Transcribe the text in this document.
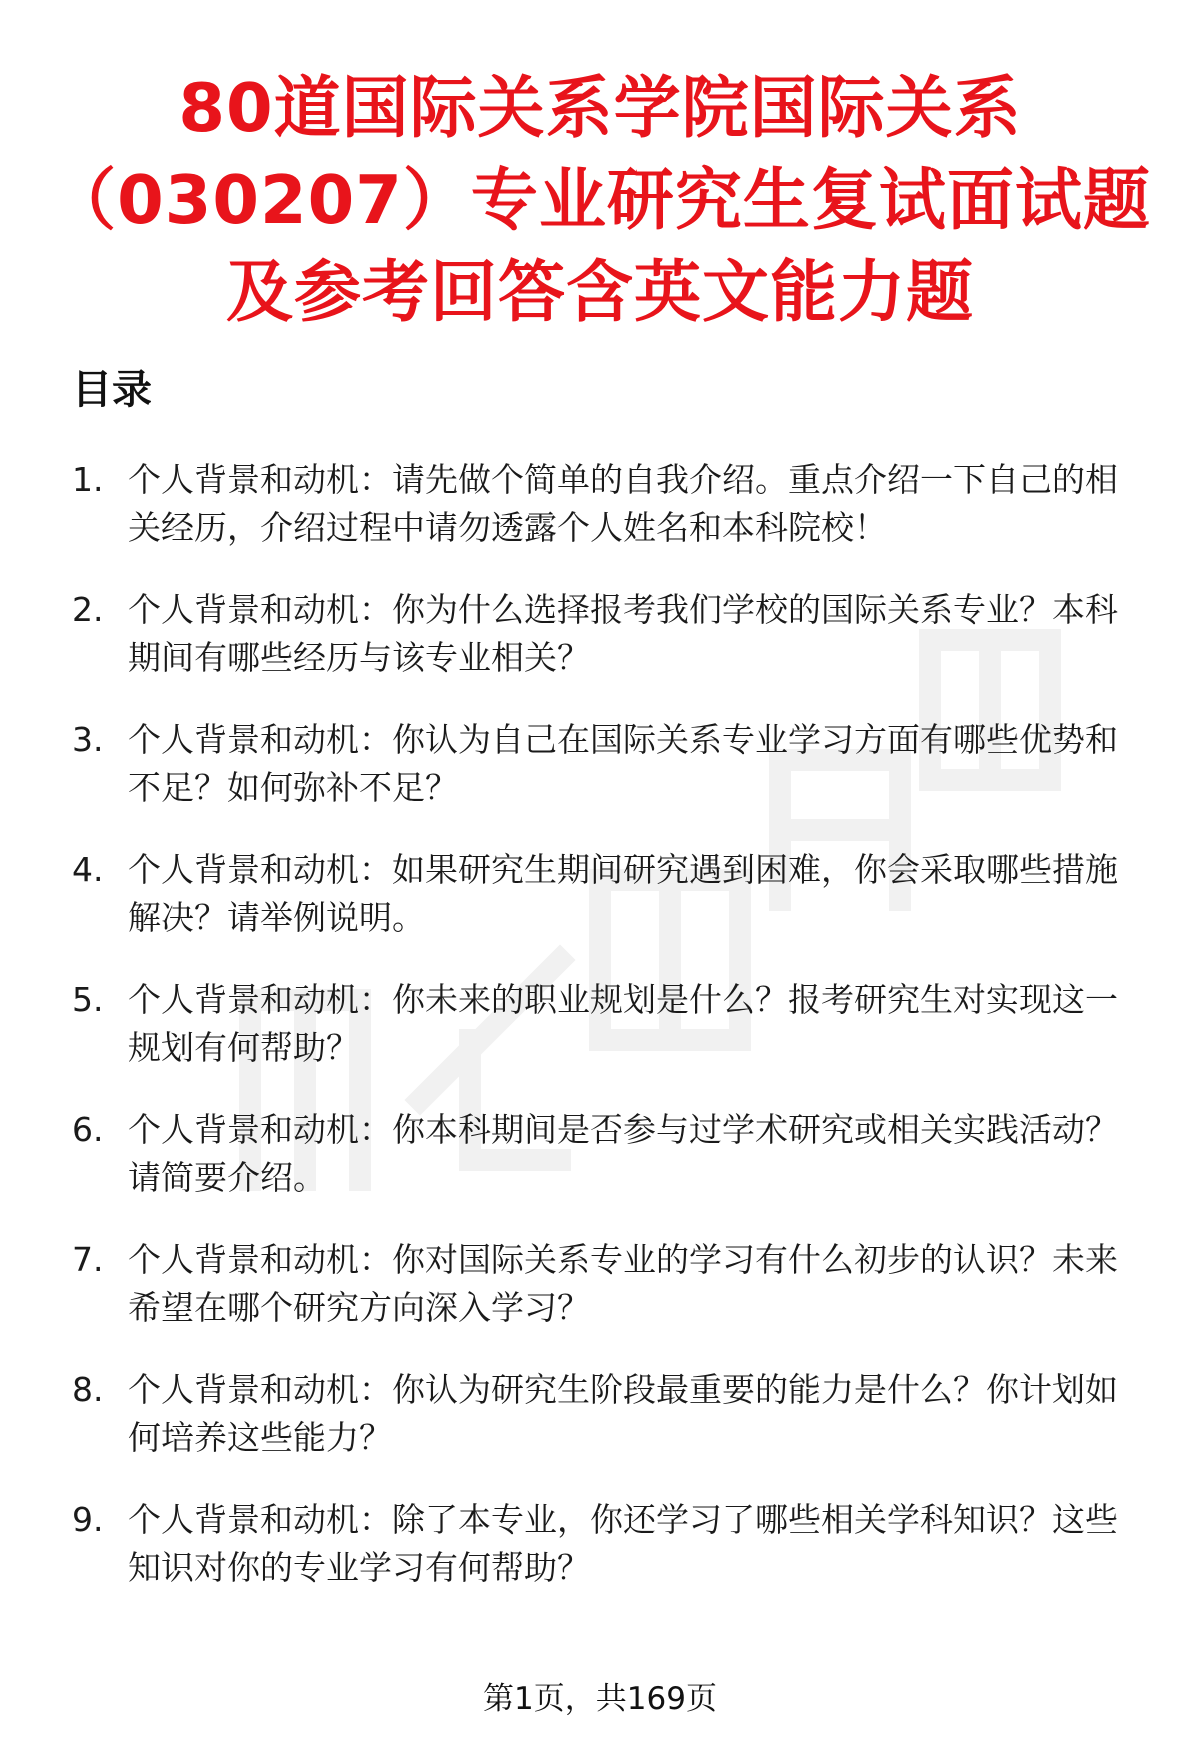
80道国际关系学院国际关系
（030207）专业研究生复试面试题
及参考回答含英文能力题
目录
1. 个人背景和动机：请先做个简单的自我介绍。重点介绍一下自己的相关经历，介绍过程中请勿透露个人姓名和本科院校！
2. 个人背景和动机：你为什么选择报考我们学校的国际关系专业？本科期间有哪些经历与该专业相关？
3. 个人背景和动机：你认为自己在国际关系专业学习方面有哪些优势和不足？如何弥补不足？
4. 个人背景和动机：如果研究生期间研究遇到困难，你会采取哪些措施解决？请举例说明。
5. 个人背景和动机：你未来的职业规划是什么？报考研究生对实现这一规划有何帮助？
6. 个人背景和动机：你本科期间是否参与过学术研究或相关实践活动？请简要介绍。
7. 个人背景和动机：你对国际关系专业的学习有什么初步的认识？未来希望在哪个研究方向深入学习？
8. 个人背景和动机：你认为研究生阶段最重要的能力是什么？你计划如何培养这些能力？
9. 个人背景和动机：除了本专业，你还学习了哪些相关学科知识？这些知识对你的专业学习有何帮助？
第1页，共169页
